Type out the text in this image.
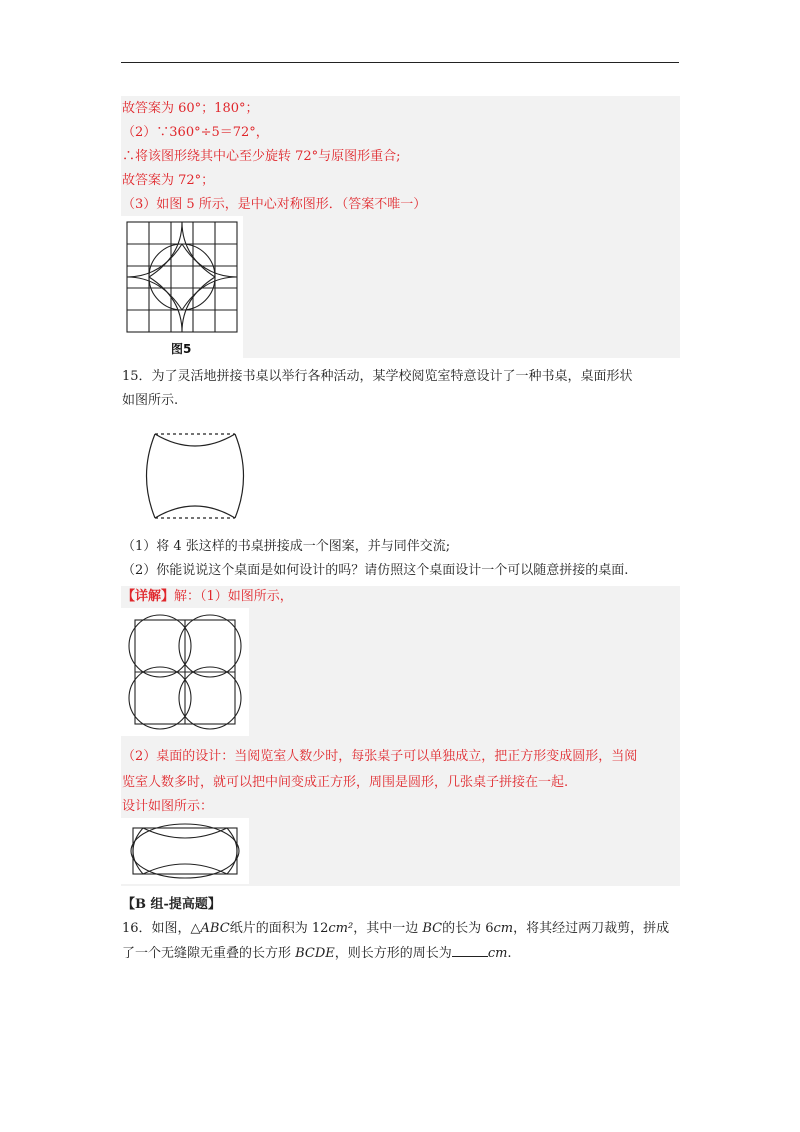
故答案为 60°；180°；
（2）∵360°÷5＝72°，
∴将该图形绕其中心至少旋转 72°与原图形重合;
故答案为 72°；
（3）如图 5 所示，是中心对称图形．（答案不唯一）
图5
15．为了灵活地拼接书桌以举行各种活动，某学校阅览室特意设计了一种书桌，桌面形状
如图所示.
（1）将 4 张这样的书桌拼接成一个图案，并与同伴交流;
（2）你能说说这个桌面是如何设计的吗？请仿照这个桌面设计一个可以随意拼接的桌面.
【详解】解：（1）如图所示，
（2）桌面的设计：当阅览室人数少时，每张桌子可以单独成立，把正方形变成圆形，当阅
览室人数多时，就可以把中间变成正方形，周围是圆形，几张桌子拼接在一起.
设计如图所示：
【B 组-提高题】
16．如图，△ABC纸片的面积为 12cm²，其中一边 BC的长为 6cm，将其经过两刀裁剪，拼成
了一个无缝隙无重叠的长方形 BCDE，则长方形的周长为	cm.
